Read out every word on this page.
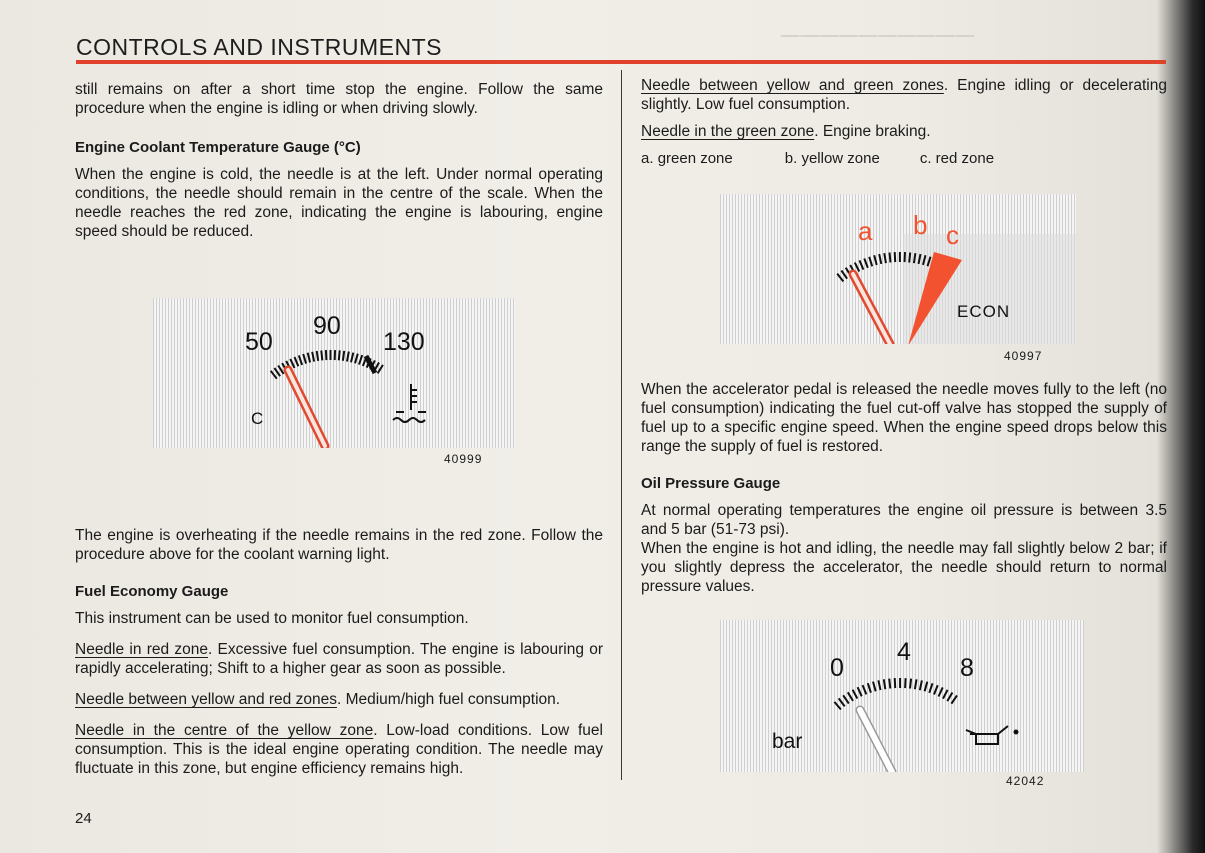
──────────
CONTROLS AND INSTRUMENTS

still remains on after a short time stop the engine. Follow the same procedure when the engine is idling or when driving slowly.

Engine Coolant Temperature Gauge (°C)

When the engine is cold, the needle is at the left. Under normal operating conditions, the needle should remain in the centre of the scale. When the needle reaches the red zone, indicating the engine is labouring, engine speed should be reduced.

50
90
130
C
40999

The engine is overheating if the needle remains in the red zone. Follow the procedure above for the coolant warning light.

Fuel Economy Gauge

This instrument can be used to monitor fuel consumption.

Needle in red zone. Excessive fuel consumption. The engine is labouring or rapidly accelerating; Shift to a higher gear as soon as possible.

Needle between yellow and red zones. Medium/high fuel consumption.

Needle in the centre of the yellow zone. Low-load conditions. Low fuel consumption. This is the ideal engine operating condition. The needle may fluctuate in this zone, but engine efficiency remains high.

24

Needle between yellow and green zones. Engine idling or decelerating slightly. Low fuel consumption.

Needle in the green zone. Engine braking.

a. green zone	b. yellow zone	c. red zone
a b c
ECON
40997

When the accelerator pedal is released the needle moves fully to the left (no fuel consumption) indicating the fuel cut-off valve has stopped the supply of fuel up to a specific engine speed. When the engine speed drops below this range the supply of fuel is restored.

Oil Pressure Gauge

At normal operating temperatures the engine oil pressure is between 3.5 and 5 bar (51-73 psi).

When the engine is hot and idling, the needle may fall slightly below 2 bar; if you slightly depress the accelerator, the needle should return to normal pressure values.

0
4
8
bar
42042
